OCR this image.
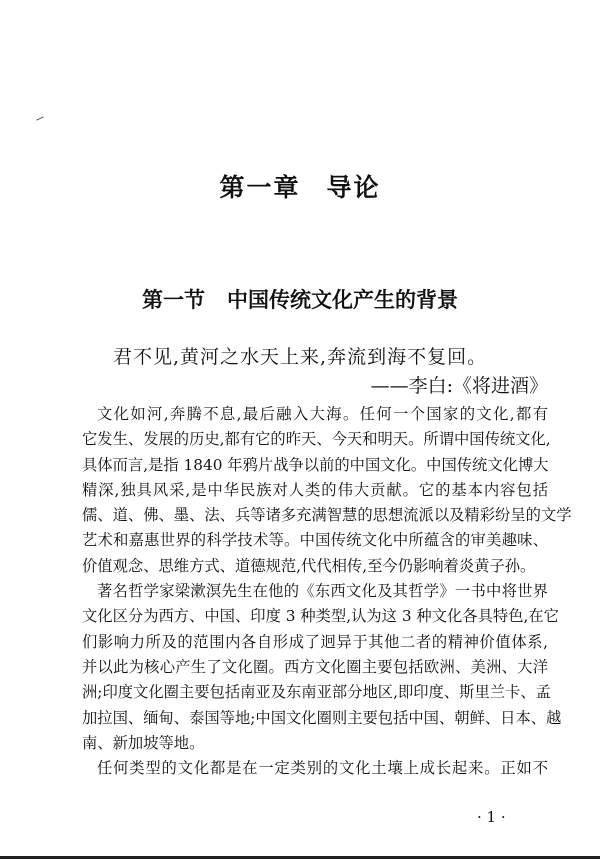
第一章 导论
第一节 中国传统文化产生的背景
君不见,黄河之水天上来,奔流到海不复回。
——李白:《将进酒》
文化如河,奔腾不息,最后融入大海。任何一个国家的文化,都有
它发生、发展的历史,都有它的昨天、今天和明天。所谓中国传统文化,
具体而言,是指 1840 年鸦片战争以前的中国文化。中国传统文化博大
精深,独具风采,是中华民族对人类的伟大贡献。它的基本内容包括
儒、道、佛、墨、法、兵等诸多充满智慧的思想流派以及精彩纷呈的文学
艺术和嘉惠世界的科学技术等。中国传统文化中所蕴含的审美趣味、
价值观念、思维方式、道德规范,代代相传,至今仍影响着炎黄子孙。
著名哲学家梁漱溟先生在他的《东西文化及其哲学》一书中将世界
文化区分为西方、中国、印度 3 种类型,认为这 3 种文化各具特色,在它
们影响力所及的范围内各自形成了迥异于其他二者的精神价值体系,
并以此为核心产生了文化圈。西方文化圈主要包括欧洲、美洲、大洋
洲;印度文化圈主要包括南亚及东南亚部分地区,即印度、斯里兰卡、孟
加拉国、缅甸、泰国等地;中国文化圈则主要包括中国、朝鲜、日本、越
南、新加坡等地。
任何类型的文化都是在一定类别的文化土壤上成长起来。正如不
· 1 ·
